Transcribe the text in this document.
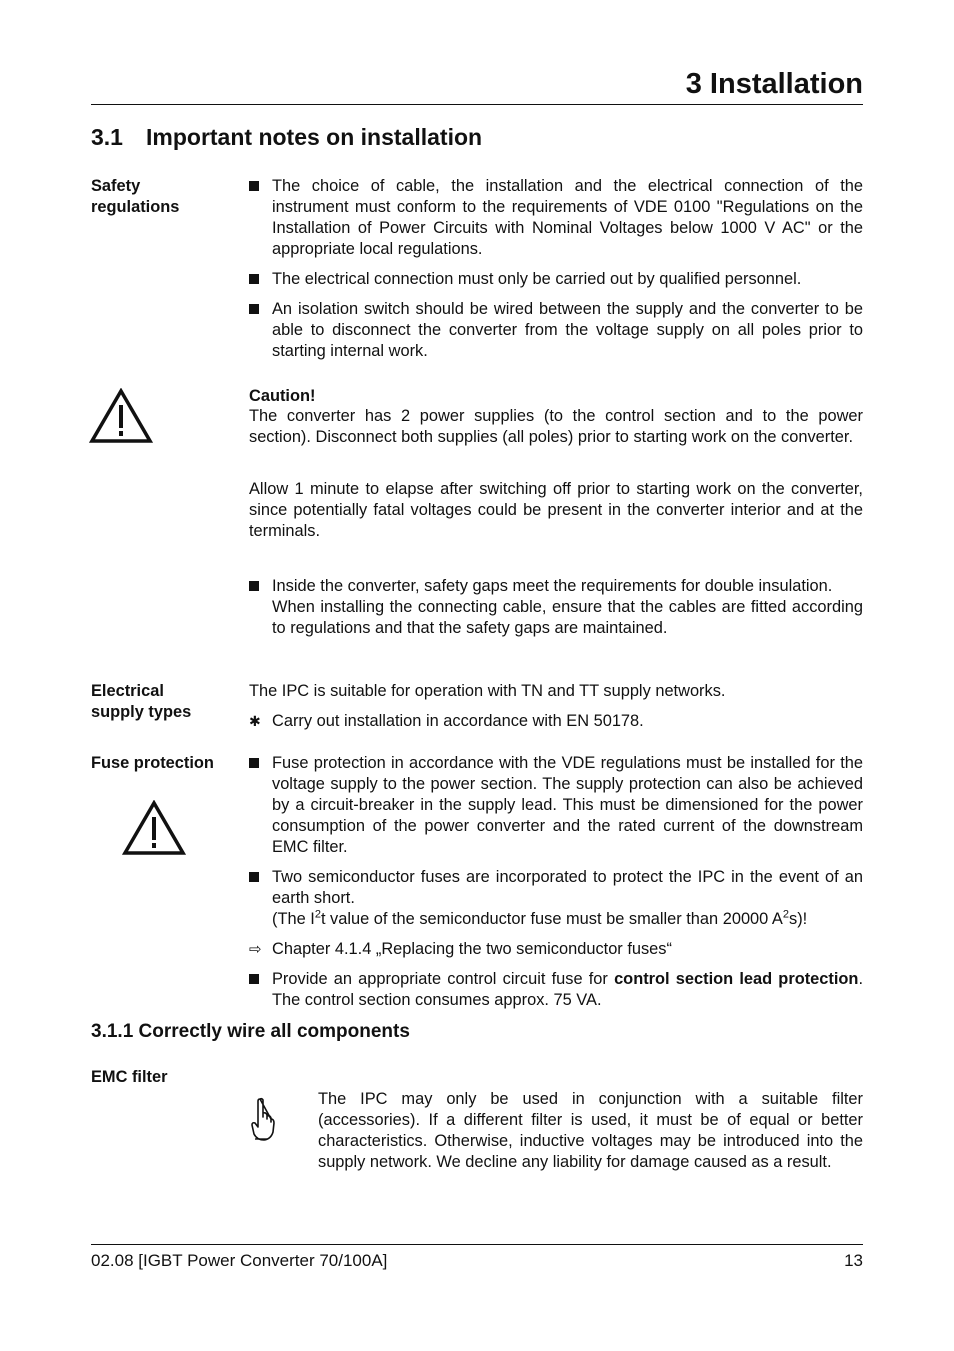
3 Installation
3.1 Important notes on installation
Safety regulations
The choice of cable, the installation and the electrical connection of the instrument must conform to the requirements of VDE 0100 "Regulations on the Installation of Power Circuits with Nominal Voltages below 1000 V AC" or the appropriate local regulations.
The electrical connection must only be carried out by qualified personnel.
An isolation switch should be wired between the supply and the converter to be able to disconnect the converter from the voltage supply on all poles prior to starting internal work.
Caution!
The converter has 2 power supplies (to the control section and to the power section). Disconnect both supplies (all poles) prior to starting work on the converter.
Allow 1 minute to elapse after switching off prior to starting work on the converter, since potentially fatal voltages could be present in the converter interior and at the terminals.

Inside the converter, safety gaps meet the requirements for double insulation.

When installing the connecting cable, ensure that the cables are fitted according to regulations and that the safety gaps are maintained.

Electrical supply types
The IPC is suitable for operation with TN and TT supply networks.
✱ Carry out installation in accordance with EN 50178.
Fuse protection	Fuse protection in accordance with the VDE regulations must be installed for the voltage supply to the power section. The supply protection can also be achieved by a circuit-breaker in the supply lead. This must be dimensioned for the power consumption of the power converter and the rated current of the downstream EMC filter.

Two semiconductor fuses are incorporated to protect the IPC in the event of an earth short.

(The $I^2t$ value of the semiconductor fuse must be smaller than 20000 $A^2s$)!

⇨ Chapter 4.1.4 „Replacing the two semiconductor fuses“
Provide an appropriate control circuit fuse for control section lead protection. The control section consumes approx. 75 VA.
3.1.1 Correctly wire all components
EMC filter
The IPC may only be used in conjunction with a suitable filter (accessories). If a different filter is used, it must be of equal or better characteristics. Otherwise, inductive voltages may be introduced into the supply network. We decline any liability for damage caused as a result.
02.08 [IGBT Power Converter 70/100A]	13
